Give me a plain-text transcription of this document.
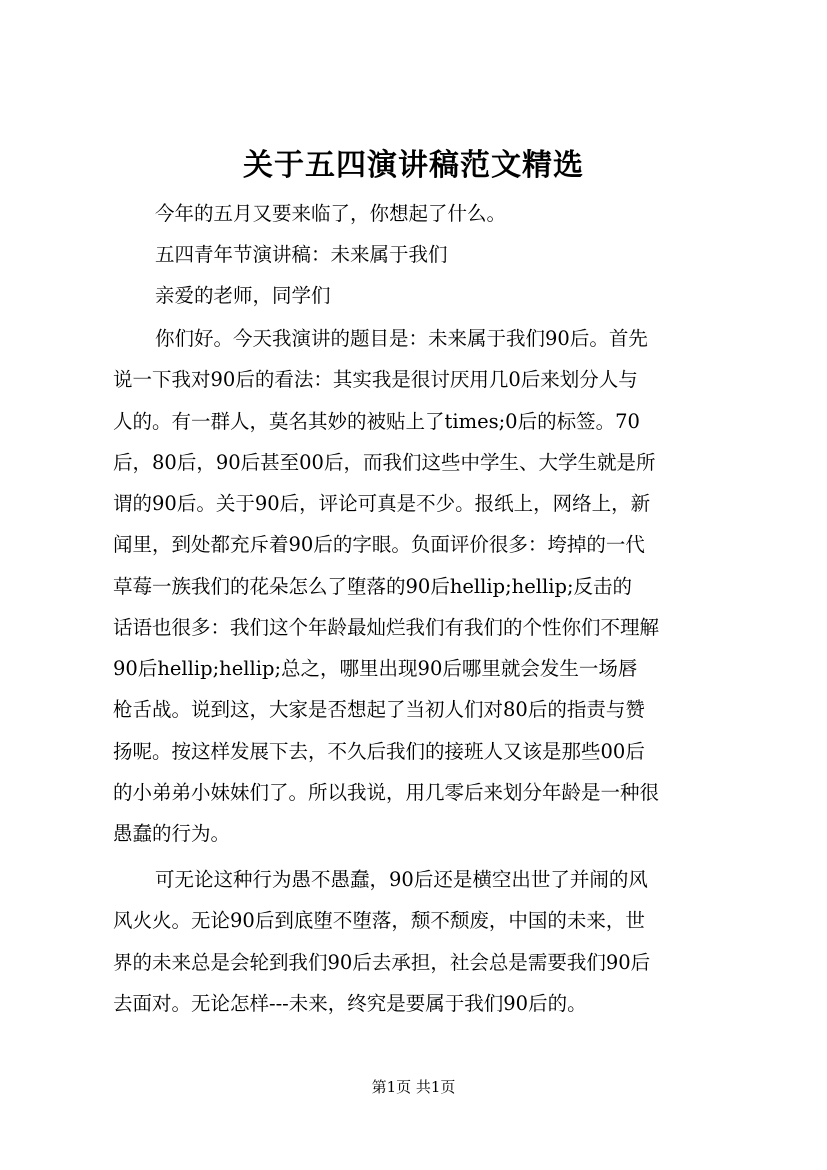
关于五四演讲稿范文精选
今年的五月又要来临了，你想起了什么。
五四青年节演讲稿：未来属于我们
亲爱的老师，同学们
你们好。今天我演讲的题目是：未来属于我们90后。首先
说一下我对90后的看法：其实我是很讨厌用几0后来划分人与
人的。有一群人，莫名其妙的被贴上了times;0后的标签。70
后，80后，90后甚至00后，而我们这些中学生、大学生就是所
谓的90后。关于90后，评论可真是不少。报纸上，网络上，新
闻里，到处都充斥着90后的字眼。负面评价很多：垮掉的一代
草莓一族我们的花朵怎么了堕落的90后hellip;hellip;反击的
话语也很多：我们这个年龄最灿烂我们有我们的个性你们不理解
90后hellip;hellip;总之，哪里出现90后哪里就会发生一场唇
枪舌战。说到这，大家是否想起了当初人们对80后的指责与赞
扬呢。按这样发展下去，不久后我们的接班人又该是那些00后
的小弟弟小妹妹们了。所以我说，用几零后来划分年龄是一种很
愚蠢的行为。
可无论这种行为愚不愚蠢，90后还是横空出世了并闹的风
风火火。无论90后到底堕不堕落，颓不颓废，中国的未来，世
界的未来总是会轮到我们90后去承担，社会总是需要我们90后
去面对。无论怎样---未来，终究是要属于我们90后的。
第1页 共1页
